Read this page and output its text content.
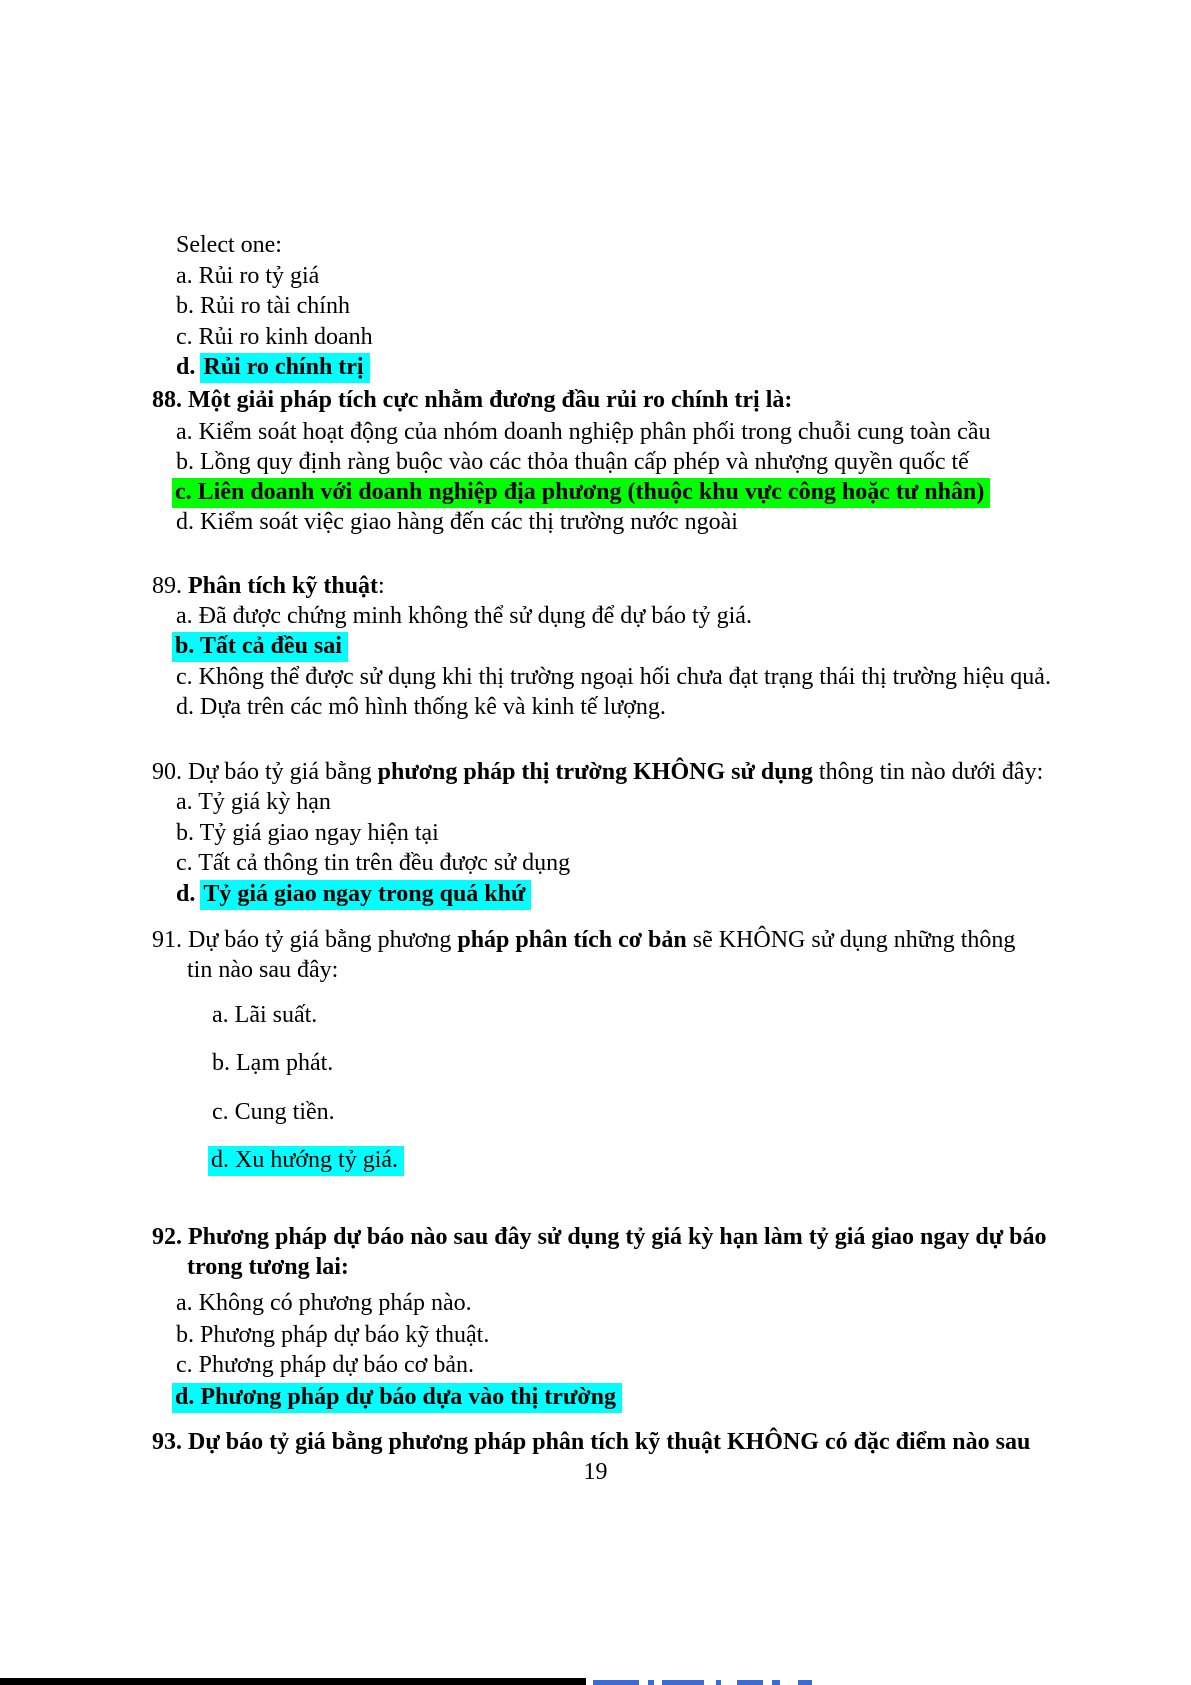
Select one:
a. Rủi ro tỷ giá
b. Rủi ro tài chính
c. Rủi ro kinh doanh
d. Rủi ro chính trị
88. Một giải pháp tích cực nhằm đương đầu rủi ro chính trị là:
a. Kiểm soát hoạt động của nhóm doanh nghiệp phân phối trong chuỗi cung toàn cầu
b. Lồng quy định ràng buộc vào các thỏa thuận cấp phép và nhượng quyền quốc tế
c. Liên doanh với doanh nghiệp địa phương (thuộc khu vực công hoặc tư nhân)
d. Kiểm soát việc giao hàng đến các thị trường nước ngoài
89. Phân tích kỹ thuật:
a. Đã được chứng minh không thể sử dụng để dự báo tỷ giá.
b. Tất cả đều sai
c. Không thể được sử dụng khi thị trường ngoại hối chưa đạt trạng thái thị trường hiệu quả.
d. Dựa trên các mô hình thống kê và kinh tế lượng.
90. Dự báo tỷ giá bằng phương pháp thị trường KHÔNG sử dụng thông tin nào dưới đây:
a. Tỷ giá kỳ hạn
b. Tỷ giá giao ngay hiện tại
c. Tất cả thông tin trên đều được sử dụng
d. Tỷ giá giao ngay trong quá khứ
91. Dự báo tỷ giá bằng phương pháp phân tích cơ bản sẽ KHÔNG sử dụng những thông
tin nào sau đây:
a. Lãi suất.
b. Lạm phát.
c. Cung tiền.
d. Xu hướng tỷ giá.
92. Phương pháp dự báo nào sau đây sử dụng tỷ giá kỳ hạn làm tỷ giá giao ngay dự báo
trong tương lai:
a. Không có phương pháp nào.
b. Phương pháp dự báo kỹ thuật.
c. Phương pháp dự báo cơ bản.
d. Phương pháp dự báo dựa vào thị trường
93. Dự báo tỷ giá bằng phương pháp phân tích kỹ thuật KHÔNG có đặc điểm nào sau
19
